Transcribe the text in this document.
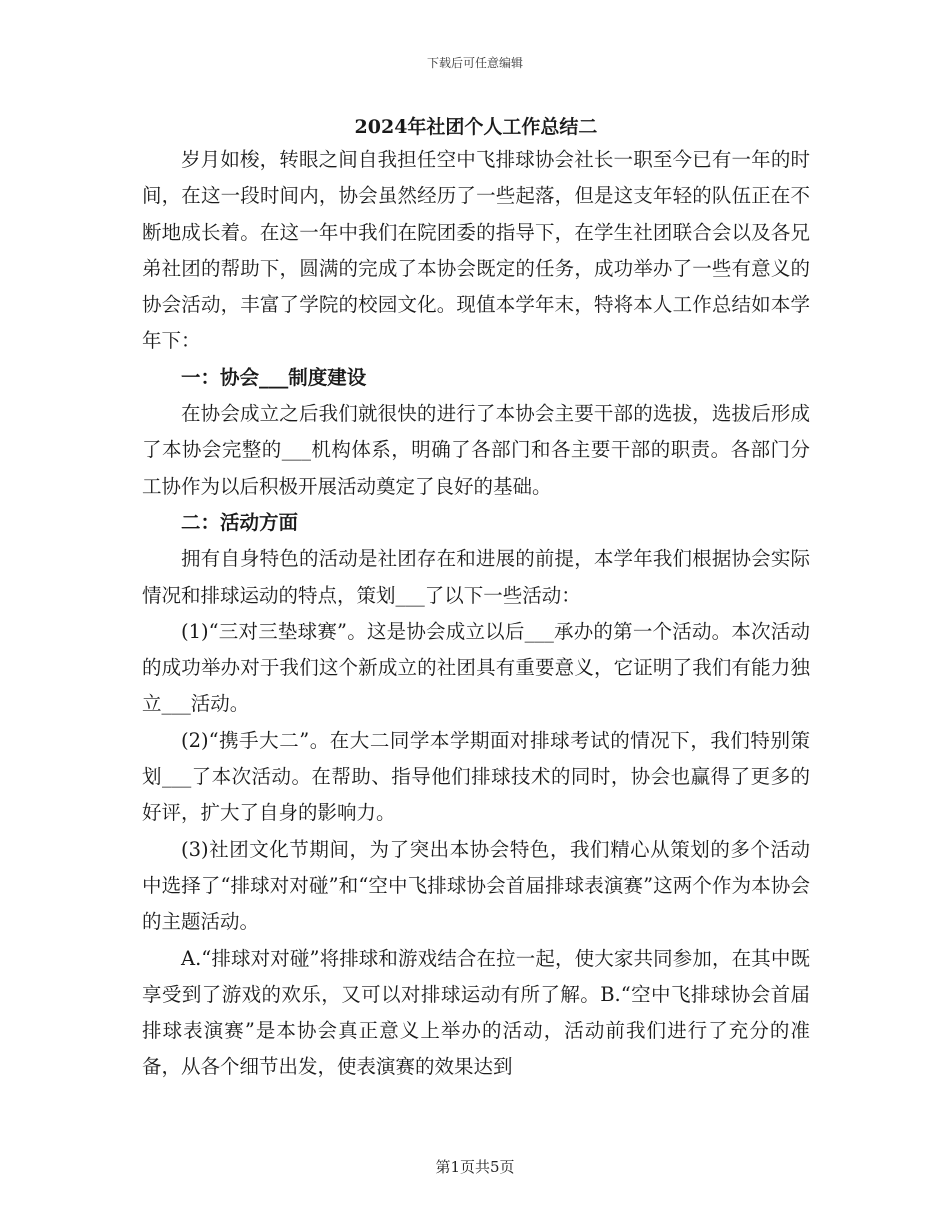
下载后可任意编辑

2024年社团个人工作总结二

岁月如梭，转眼之间自我担任空中飞排球协会社长一职至今已有一年的时间，在这一段时间内，协会虽然经历了一些起落，但是这支年轻的队伍正在不断地成长着。在这一年中我们在院团委的指导下，在学生社团联合会以及各兄弟社团的帮助下，圆满的完成了本协会既定的任务，成功举办了一些有意义的协会活动，丰富了学院的校园文化。现值本学年末，特将本人工作总结如本学年下：

一：协会___制度建设

在协会成立之后我们就很快的进行了本协会主要干部的选拔，选拔后形成了本协会完整的___机构体系，明确了各部门和各主要干部的职责。各部门分工协作为以后积极开展活动奠定了良好的基础。

二：活动方面

拥有自身特色的活动是社团存在和进展的前提，本学年我们根据协会实际情况和排球运动的特点，策划___了以下一些活动：

(1)“三对三垫球赛”。这是协会成立以后___承办的第一个活动。本次活动的成功举办对于我们这个新成立的社团具有重要意义，它证明了我们有能力独立___活动。

(2)“携手大二”。在大二同学本学期面对排球考试的情况下，我们特别策划___了本次活动。在帮助、指导他们排球技术的同时，协会也赢得了更多的好评，扩大了自身的影响力。

(3)社团文化节期间，为了突出本协会特色，我们精心从策划的多个活动中选择了“排球对对碰”和“空中飞排球协会首届排球表演赛”这两个作为本协会的主题活动。

A.“排球对对碰”将排球和游戏结合在拉一起，使大家共同参加，在其中既享受到了游戏的欢乐，又可以对排球运动有所了解。B.“空中飞排球协会首届排球表演赛”是本协会真正意义上举办的活动，活动前我们进行了充分的准备，从各个细节出发，使表演赛的效果达到

第1页共5页
